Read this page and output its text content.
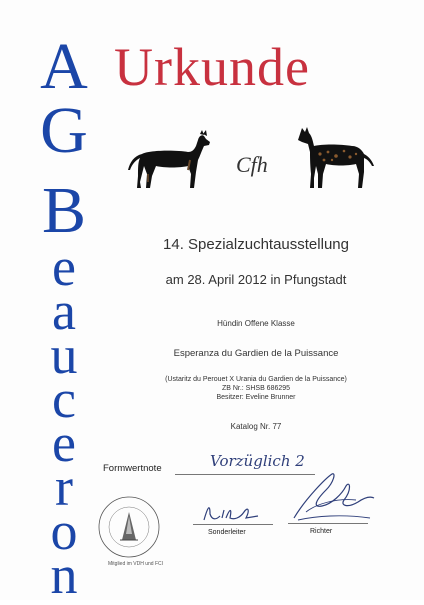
A
G
B
e
a
u
c
e
r
o
n
Urkunde
Cfh
14. Spezialzuchtausstellung
am 28. April 2012 in Pfungstadt
Hündin Offene Klasse
Esperanza du Gardien de la Puissance
(Ustaritz du Perouet X Urania du Gardien de la Puissance)
ZB Nr.: SHSB 686295
Besitzer: Eveline Brunner
Katalog Nr. 77
Formwertnote	Vorzüglich 2
Mitglied im VDH und FCI
Sonderleiter	Richter
